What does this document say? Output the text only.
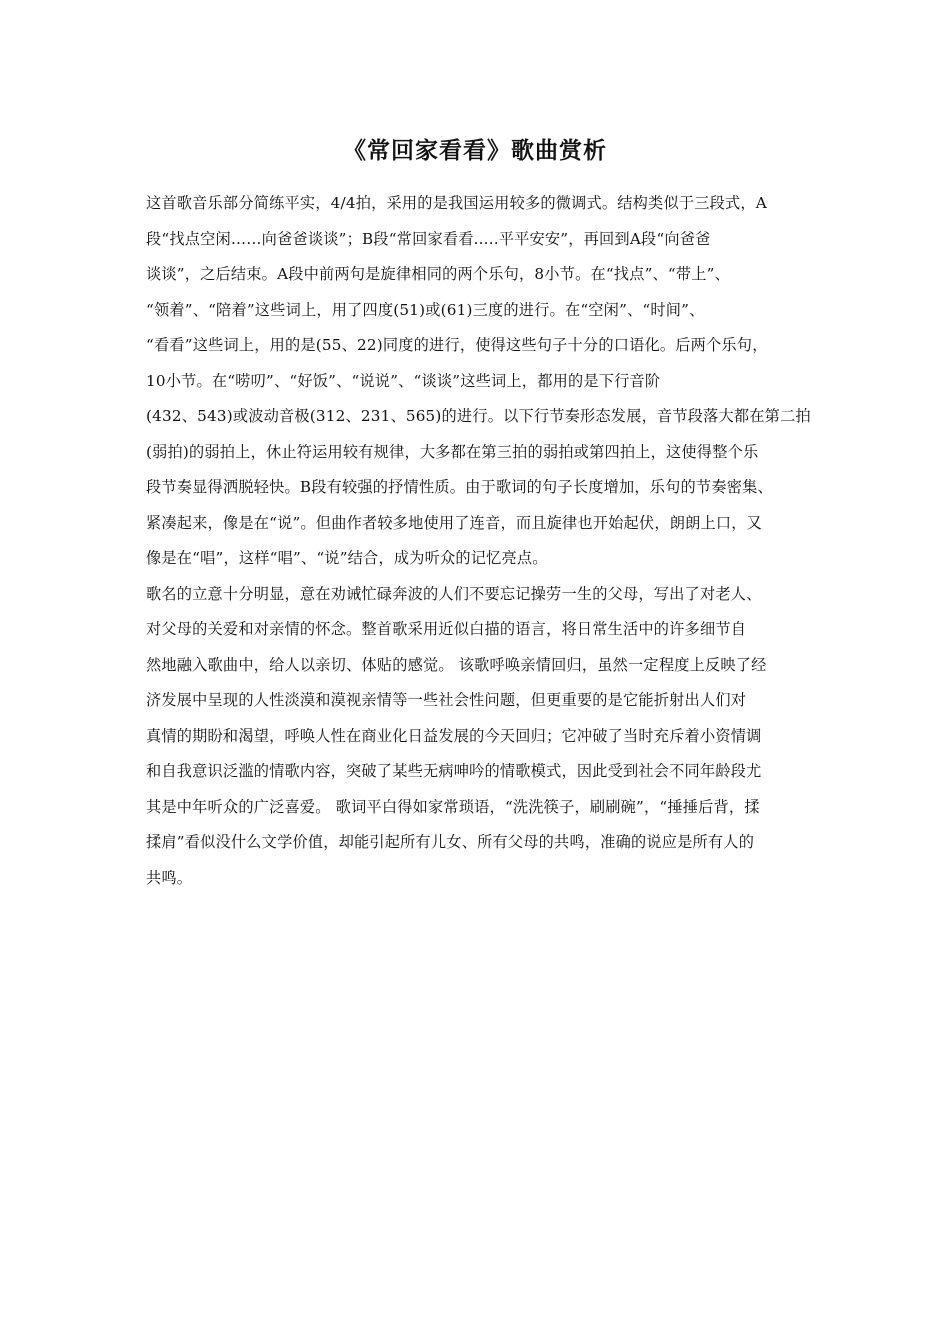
《常回家看看》歌曲赏析
这首歌音乐部分简练平实，4/4拍，采用的是我国运用较多的微调式。结构类似于三段式，A
段“找点空闲……向爸爸谈谈”；B段“常回家看看.....平平安安”，再回到A段“向爸爸
谈谈”，之后结束。A段中前两句是旋律相同的两个乐句，8小节。在“找点”、“带上”、
“领着”、“陪着”这些词上，用了四度(51)或(61)三度的进行。在“空闲”、“时间”、
“看看”这些词上，用的是(55、22)同度的进行，使得这些句子十分的口语化。后两个乐句，
10小节。在“唠叨”、“好饭”、“说说”、“谈谈”这些词上，都用的是下行音阶
(432、543)或波动音极(312、231、565)的进行。以下行节奏形态发展，音节段落大都在第二拍
(弱拍)的弱拍上，休止符运用较有规律，大多都在第三拍的弱拍或第四拍上，这使得整个乐
段节奏显得洒脱轻快。B段有较强的抒情性质。由于歌词的句子长度增加，乐句的节奏密集、
紧凑起来，像是在“说”。但曲作者较多地使用了连音，而且旋律也开始起伏，朗朗上口，又
像是在“唱”，这样“唱”、“说”结合，成为听众的记忆亮点。
歌名的立意十分明显，意在劝诫忙碌奔波的人们不要忘记操劳一生的父母，写出了对老人、
对父母的关爱和对亲情的怀念。整首歌采用近似白描的语言，将日常生活中的许多细节自
然地融入歌曲中，给人以亲切、体贴的感觉。 该歌呼唤亲情回归，虽然一定程度上反映了经
济发展中呈现的人性淡漠和漠视亲情等一些社会性问题，但更重要的是它能折射出人们对
真情的期盼和渴望，呼唤人性在商业化日益发展的今天回归；它冲破了当时充斥着小资情调
和自我意识泛滥的情歌内容，突破了某些无病呻吟的情歌模式，因此受到社会不同年龄段尤
其是中年听众的广泛喜爱。 歌词平白得如家常琐语，“洗洗筷子，刷刷碗”，“捶捶后背，揉
揉肩”看似没什么文学价值，却能引起所有儿女、所有父母的共鸣，准确的说应是所有人的
共鸣。
